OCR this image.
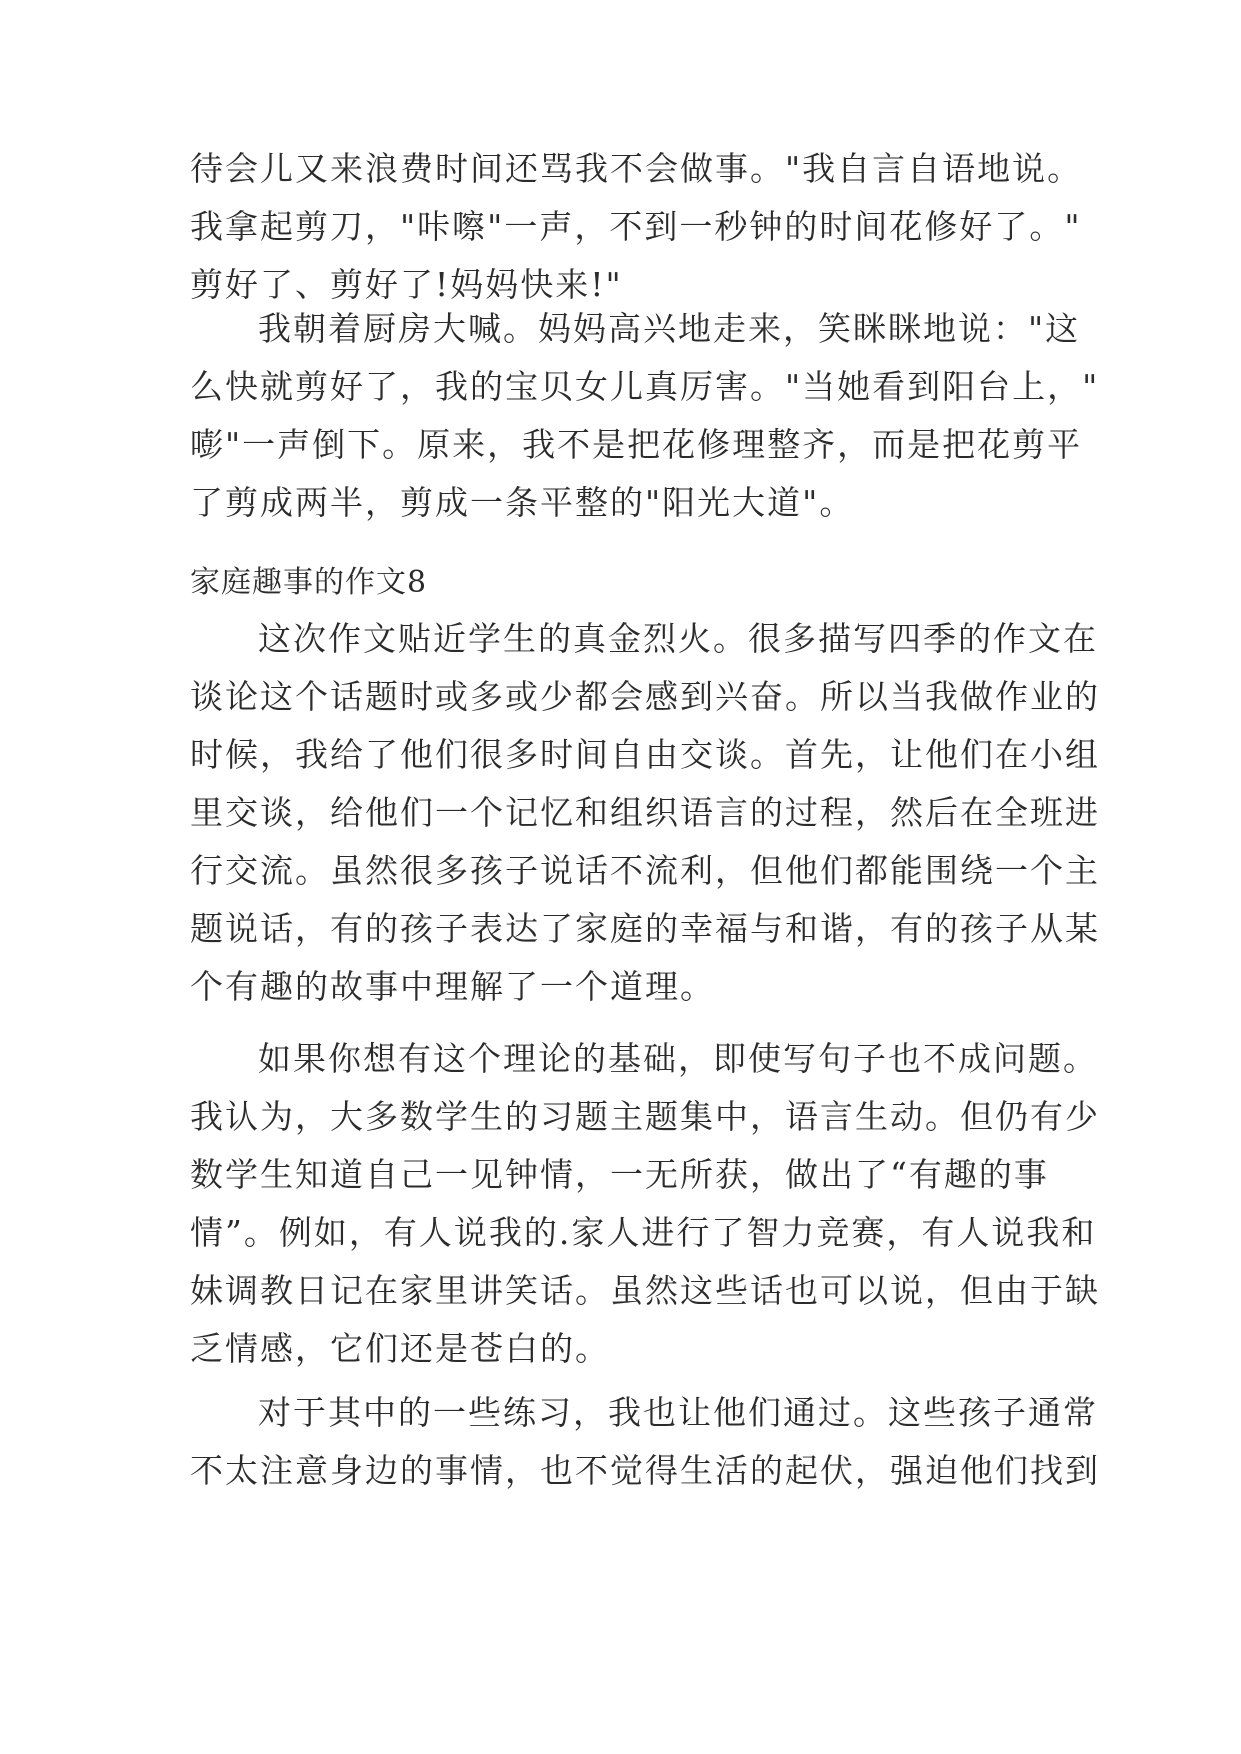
待会儿又来浪费时间还骂我不会做事。"我自言自语地说。
我拿起剪刀，"咔嚓"一声，不到一秒钟的时间花修好了。"
剪好了、剪好了!妈妈快来!"
我朝着厨房大喊。妈妈高兴地走来，笑眯眯地说："这
么快就剪好了，我的宝贝女儿真厉害。"当她看到阳台上，"
嘭"一声倒下。原来，我不是把花修理整齐，而是把花剪平
了剪成两半，剪成一条平整的"阳光大道"。
家庭趣事的作文8
这次作文贴近学生的真金烈火。很多描写四季的作文在
谈论这个话题时或多或少都会感到兴奋。所以当我做作业的
时候，我给了他们很多时间自由交谈。首先，让他们在小组
里交谈，给他们一个记忆和组织语言的过程，然后在全班进
行交流。虽然很多孩子说话不流利，但他们都能围绕一个主
题说话，有的孩子表达了家庭的幸福与和谐，有的孩子从某
个有趣的故事中理解了一个道理。
如果你想有这个理论的基础，即使写句子也不成问题。
我认为，大多数学生的习题主题集中，语言生动。但仍有少
数学生知道自己一见钟情，一无所获，做出了“有趣的事
情”。例如，有人说我的.家人进行了智力竞赛，有人说我和
妹调教日记在家里讲笑话。虽然这些话也可以说，但由于缺
乏情感，它们还是苍白的。
对于其中的一些练习，我也让他们通过。这些孩子通常
不太注意身边的事情，也不觉得生活的起伏，强迫他们找到
